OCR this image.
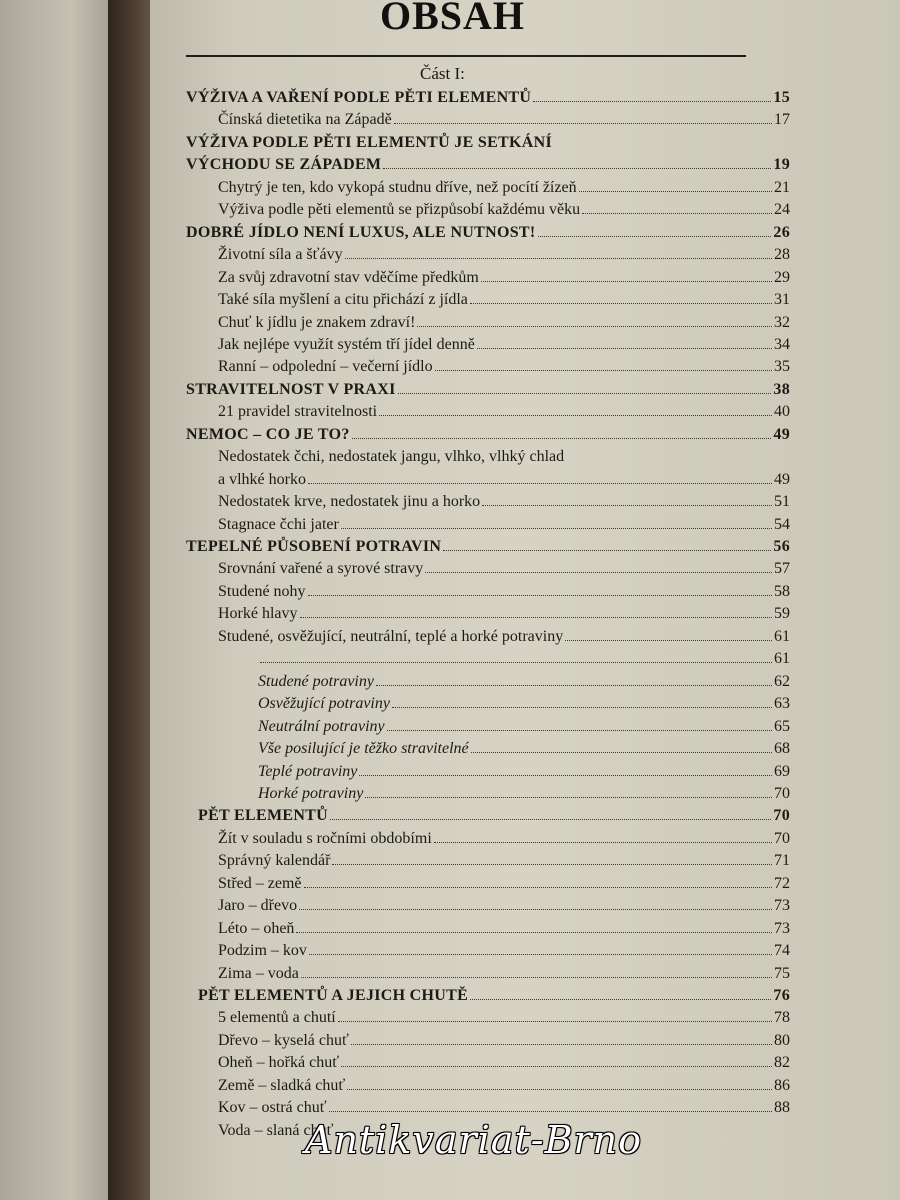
OBSAH
Část I:
VÝŽIVA A VAŘENÍ PODLE PĚTI ELEMENTŮ	15
Čínská dietetika na Západě	17
VÝŽIVA PODLE PĚTI ELEMENTŮ JE SETKÁNÍ
VÝCHODU SE ZÁPADEM	19
Chytrý je ten, kdo vykopá studnu dříve, než pocítí žízeň	21
Výživa podle pěti elementů se přizpůsobí každému věku	24
DOBRÉ JÍDLO NENÍ LUXUS, ALE NUTNOST!	26
Životní síla a šťávy	28
Za svůj zdravotní stav vděčíme předkům	29
Také síla myšlení a citu přichází z jídla	31
Chuť k jídlu je znakem zdraví!	32
Jak nejlépe využít systém tří jídel denně	34
Ranní – odpolední – večerní jídlo	35
STRAVITELNOST V PRAXI	38
21 pravidel stravitelnosti	40
NEMOC – CO JE TO?	49
Nedostatek čchi, nedostatek jangu, vlhko, vlhký chlad
a vlhké horko	49
Nedostatek krve, nedostatek jinu a horko	51
Stagnace čchi jater	54
TEPELNÉ PŮSOBENÍ POTRAVIN	56
Srovnání vařené a syrové stravy	57
Studené nohy	58
Horké hlavy	59
Studené, osvěžující, neutrální, teplé a horké potraviny	61
61
Studené potraviny	62
Osvěžující potraviny	63
Neutrální potraviny	65
Vše posilující je těžko stravitelné	68
Teplé potraviny	69
Horké potraviny	70
PĚT ELEMENTŮ	70
Žít v souladu s ročními obdobími	70
Správný kalendář	71
Střed – země	72
Jaro – dřevo	73
Léto – oheň	73
Podzim – kov	74
Zima – voda	75
PĚT ELEMENTŮ A JEJICH CHUTĚ	76
5 elementů a chutí	78
Dřevo – kyselá chuť	80
Oheň – hořká chuť	82
Země – sladká chuť	86
Kov – ostrá chuť	88
Voda – slaná chuť
Antikvariat-Brno
